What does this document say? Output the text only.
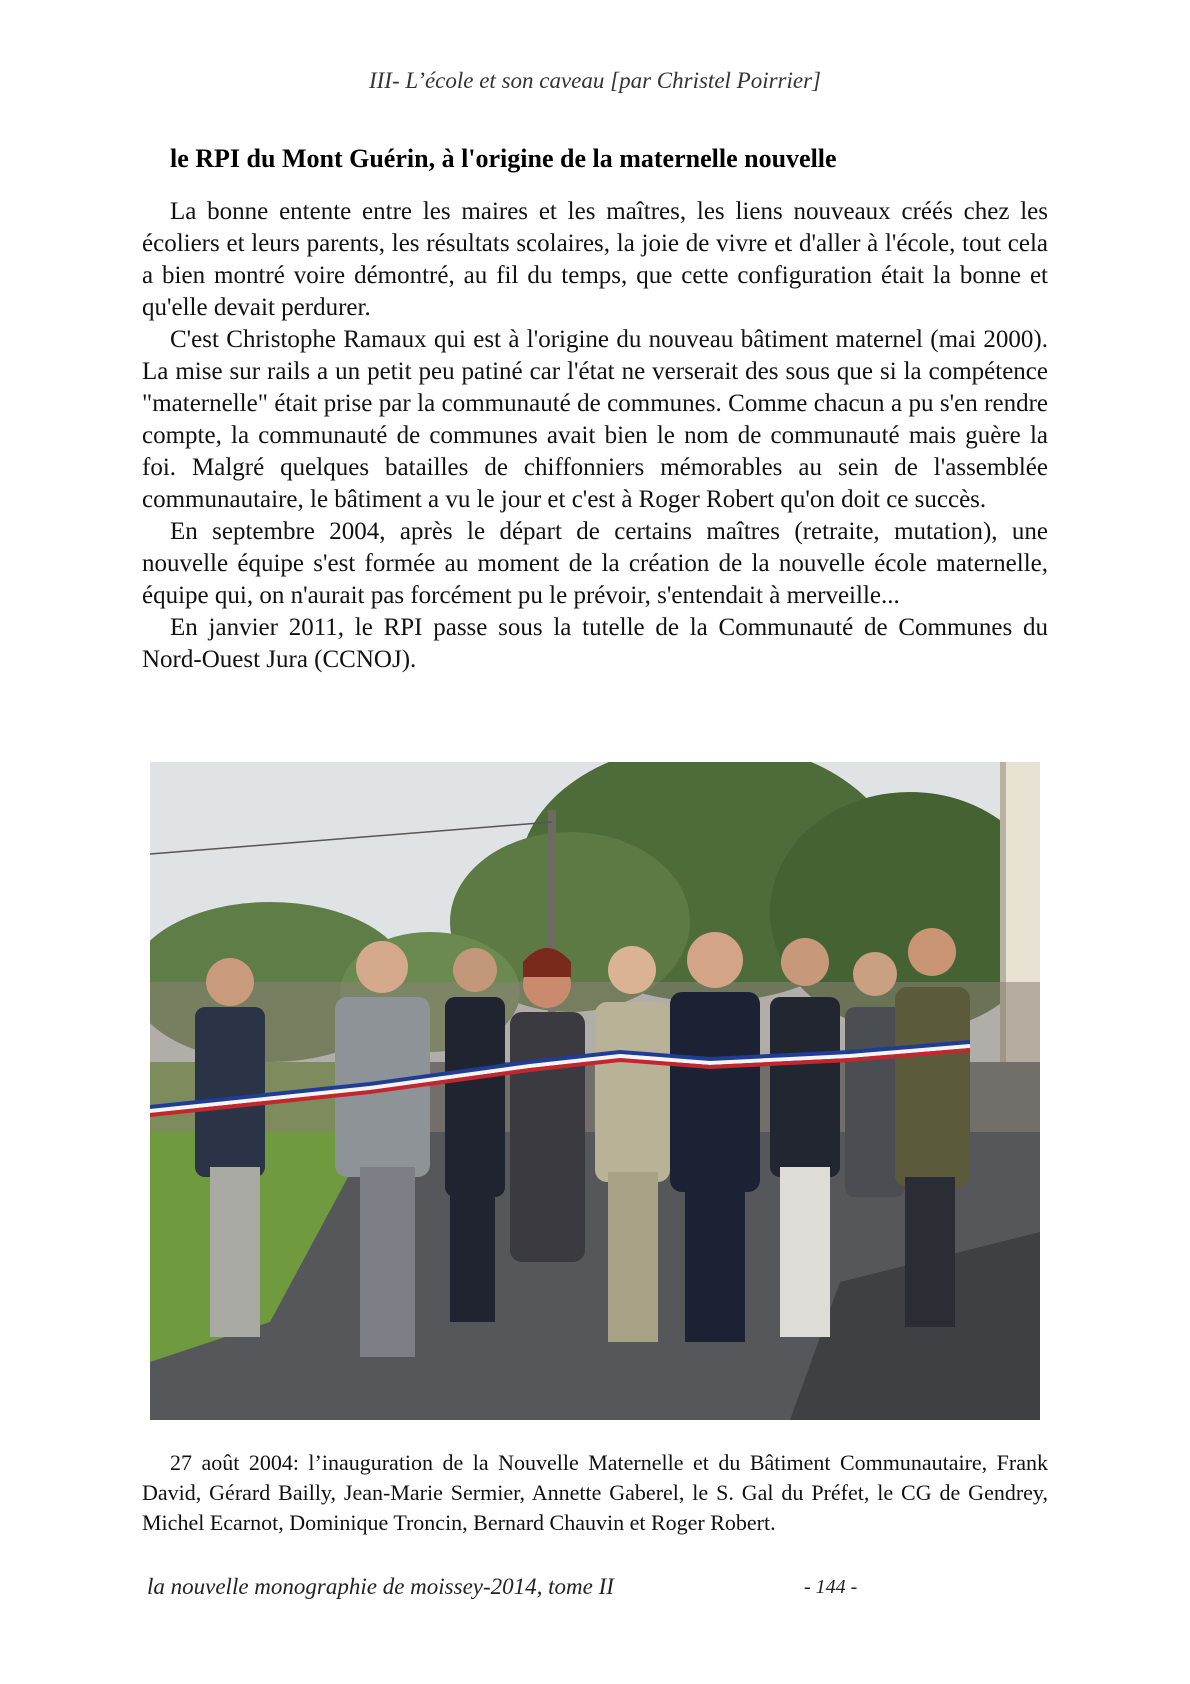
III- L’école et son caveau [par Christel Poirrier]
le RPI du Mont Guérin, à l'origine de la maternelle nouvelle

La bonne entente entre les maires et les maîtres, les liens nouveaux créés chez les écoliers et leurs parents, les résultats scolaires, la joie de vivre et d'aller à l'école, tout cela a bien montré voire démontré, au fil du temps, que cette configuration était la bonne et qu'elle devait perdurer.

C'est Christophe Ramaux qui est à l'origine du nouveau bâtiment maternel (mai 2000). La mise sur rails a un petit peu patiné car l'état ne verserait des sous que si la compétence "maternelle" était prise par la communauté de communes. Comme chacun a pu s'en rendre compte, la communauté de communes avait bien le nom de communauté mais guère la foi. Malgré quelques batailles de chiffonniers mémorables au sein de l'assemblée communautaire, le bâtiment a vu le jour et c'est à Roger Robert qu'on doit ce succès.

En septembre 2004, après le départ de certains maîtres (retraite, mutation), une nouvelle équipe s'est formée au moment de la création de la nouvelle école maternelle, équipe qui, on n'aurait pas forcément pu le prévoir, s'entendait à merveille...

En janvier 2011, le RPI passe sous la tutelle de la Communauté de Communes du Nord-Ouest Jura (CCNOJ).

27 août 2004: l’inauguration de la Nouvelle Maternelle et du Bâtiment Communautaire, Frank David, Gérard Bailly, Jean-Marie Sermier, Annette Gaberel, le S. Gal du Préfet, le CG de Gendrey, Michel Ecarnot, Dominique Troncin, Bernard Chauvin et Roger Robert.

la nouvelle monographie de moissey-2014, tome II	- 144 -
